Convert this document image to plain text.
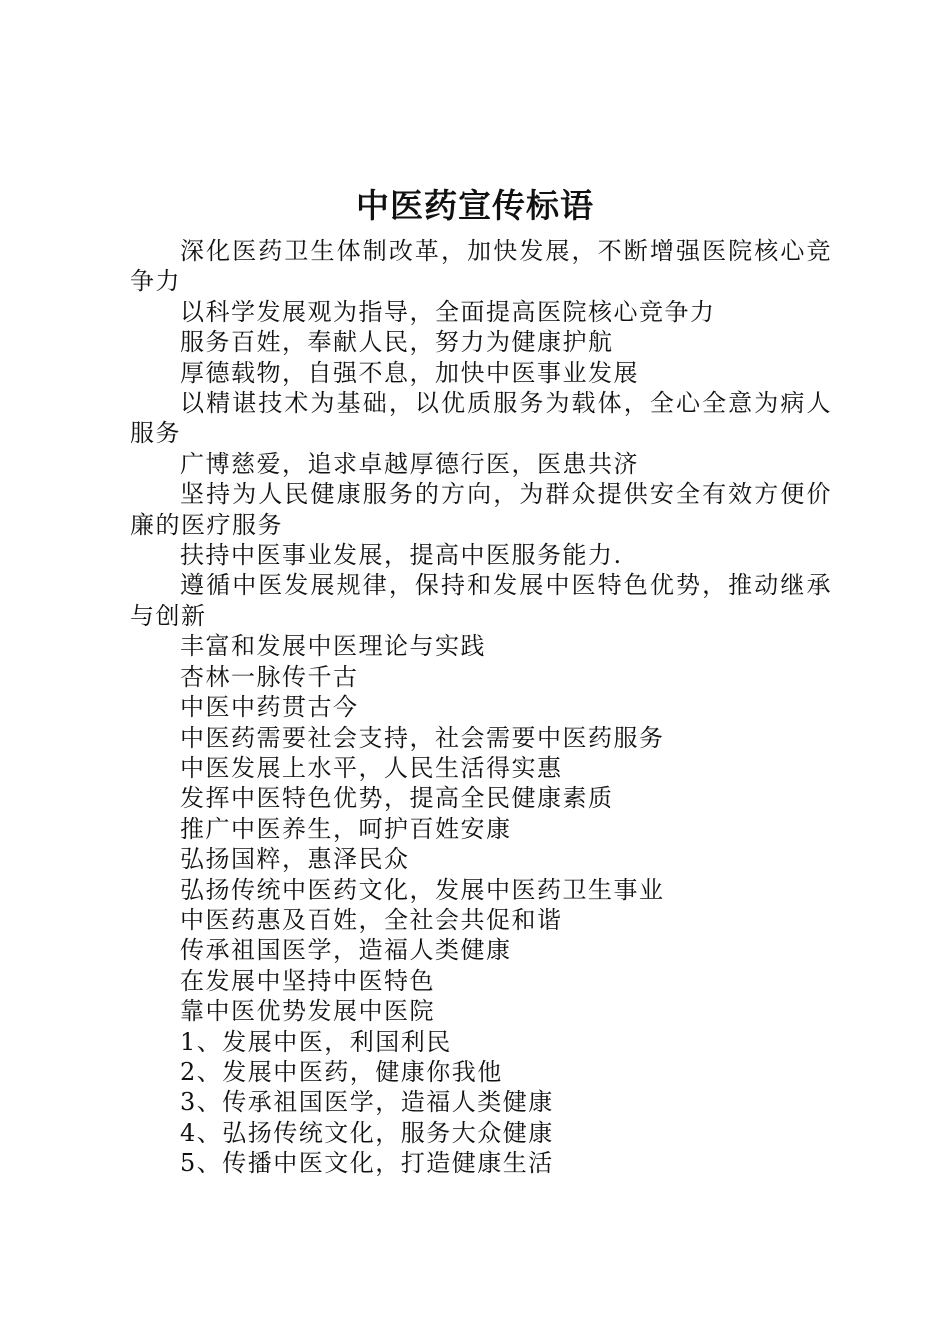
中医药宣传标语

深化医药卫生体制改革，加快发展，不断增强医院核心竞争力

以科学发展观为指导，全面提高医院核心竞争力

服务百姓，奉献人民，努力为健康护航

厚德载物，自强不息，加快中医事业发展

以精谌技术为基础，以优质服务为载体，全心全意为病人服务

广博慈爱，追求卓越厚德行医，医患共济

坚持为人民健康服务的方向，为群众提供安全有效方便价廉的医疗服务

扶持中医事业发展，提高中医服务能力.

遵循中医发展规律，保持和发展中医特色优势，推动继承与创新

丰富和发展中医理论与实践

杏林一脉传千古

中医中药贯古今

中医药需要社会支持，社会需要中医药服务

中医发展上水平，人民生活得实惠

发挥中医特色优势，提高全民健康素质

推广中医养生，呵护百姓安康

弘扬国粹，惠泽民众

弘扬传统中医药文化，发展中医药卫生事业

中医药惠及百姓，全社会共促和谐

传承祖国医学，造福人类健康

在发展中坚持中医特色

靠中医优势发展中医院

1、发展中医，利国利民

2、发展中医药，健康你我他

3、传承祖国医学，造福人类健康

4、弘扬传统文化，服务大众健康

5、传播中医文化，打造健康生活
